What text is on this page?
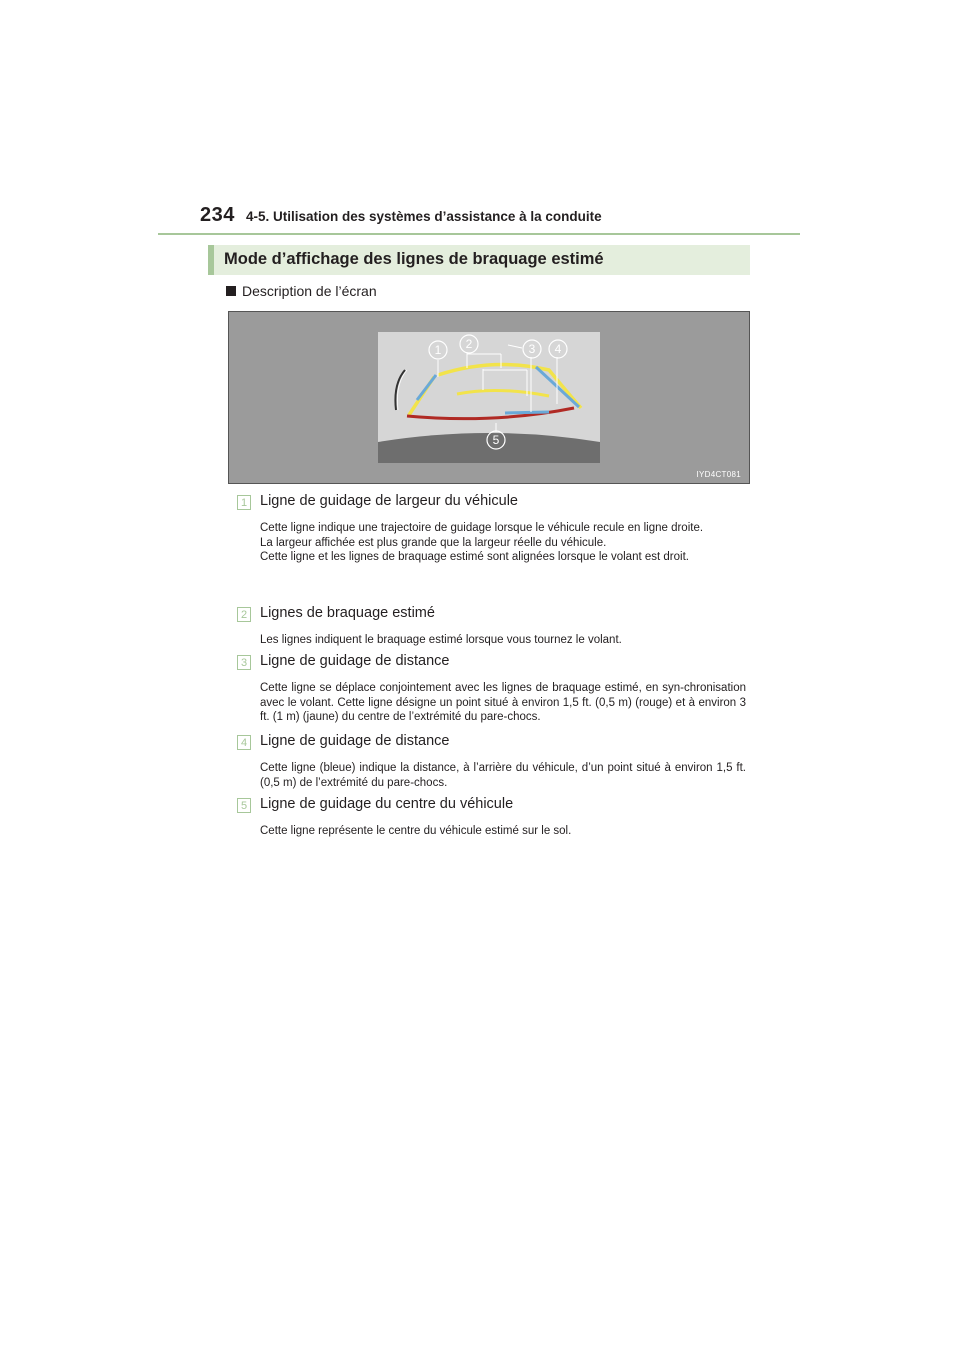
234 4-5. Utilisation des systèmes d’assistance à la conduite
Mode d’affichage des lignes de braquage estimé
Description de l’écran
1 2	3 4
5
IYD4CT081
1 Ligne de guidage de largeur du véhicule

Cette ligne indique une trajectoire de guidage lorsque le véhicule recule en ligne droite.

La largeur affichée est plus grande que la largeur réelle du véhicule.

Cette ligne et les lignes de braquage estimé sont alignées lorsque le volant est droit.

2 Lignes de braquage estimé

Les lignes indiquent le braquage estimé lorsque vous tournez le volant.

3 Ligne de guidage de distance

Cette ligne se déplace conjointement avec les lignes de braquage estimé, en syn-chronisation avec le volant. Cette ligne désigne un point situé à environ 1,5 ft. (0,5 m) (rouge) et à environ 3 ft. (1 m) (jaune) du centre de l’extrémité du pare-chocs.

4 Ligne de guidage de distance

Cette ligne (bleue) indique la distance, à l’arrière du véhicule, d’un point situé à environ 1,5 ft. (0,5 m) de l’extrémité du pare-chocs.

5 Ligne de guidage du centre du véhicule

Cette ligne représente le centre du véhicule estimé sur le sol.
